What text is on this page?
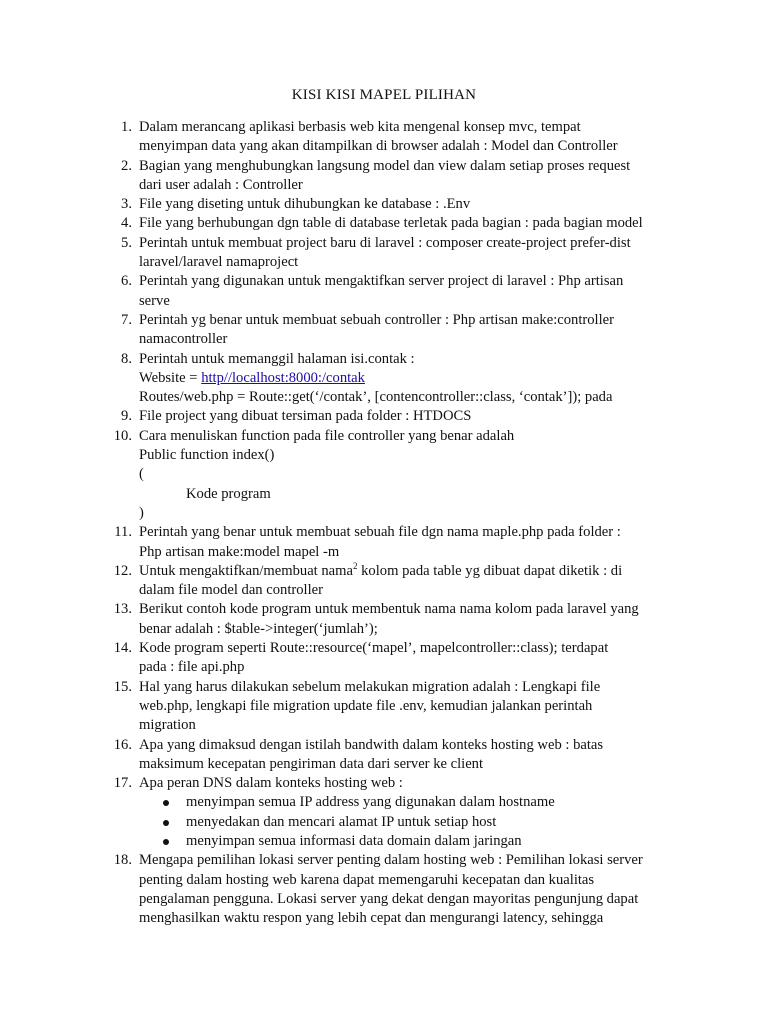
KISI KISI MAPEL PILIHAN
1. Dalam merancang aplikasi berbasis web kita mengenal konsep mvc, tempat
menyimpan data yang akan ditampilkan di browser adalah : Model dan Controller
2. Bagian yang menghubungkan langsung model dan view dalam setiap proses request
dari user adalah : Controller
3. File yang diseting untuk dihubungkan ke database : .Env
4. File yang berhubungan dgn table di database terletak pada bagian : pada bagian model
5. Perintah untuk membuat project baru di laravel : composer create-project prefer-dist
laravel/laravel namaproject
6. Perintah yang digunakan untuk mengaktifkan server project di laravel : Php artisan
serve
7. Perintah yg benar untuk membuat sebuah controller : Php artisan make:controller
namacontroller
8. Perintah untuk memanggil halaman isi.contak :
Website = http//localhost:8000:/contak
Routes/web.php = Route::get(‘/contak’, [contencontroller::class, ‘contak’]); pada
9. File project yang dibuat tersiman pada folder : HTDOCS
10. Cara menuliskan function pada file controller yang benar adalah
Public function index()
(
Kode program
)
11. Perintah yang benar untuk membuat sebuah file dgn nama maple.php pada folder :
Php artisan make:model mapel -m
12. Untuk mengaktifkan/membuat nama$^2$ kolom pada table yg dibuat dapat diketik : di
dalam file model dan controller
13. Berikut contoh kode program untuk membentuk nama nama kolom pada laravel yang
benar adalah : $table->integer(‘jumlah’);
14. Kode program seperti Route::resource(‘mapel’, mapelcontroller::class); terdapat
pada : file api.php
15. Hal yang harus dilakukan sebelum melakukan migration adalah : Lengkapi file
web.php, lengkapi file migration update file .env, kemudian jalankan perintah
migration
16. Apa yang dimaksud dengan istilah bandwith dalam konteks hosting web : batas
maksimum kecepatan pengiriman data dari server ke client
17. Apa peran DNS dalam konteks hosting web :
menyimpan semua IP address yang digunakan dalam hostname
menyedakan dan mencari alamat IP untuk setiap host
menyimpan semua informasi data domain dalam jaringan
18. Mengapa pemilihan lokasi server penting dalam hosting web : Pemilihan lokasi server
penting dalam hosting web karena dapat memengaruhi kecepatan dan kualitas
pengalaman pengguna. Lokasi server yang dekat dengan mayoritas pengunjung dapat
menghasilkan waktu respon yang lebih cepat dan mengurangi latency, sehingga
